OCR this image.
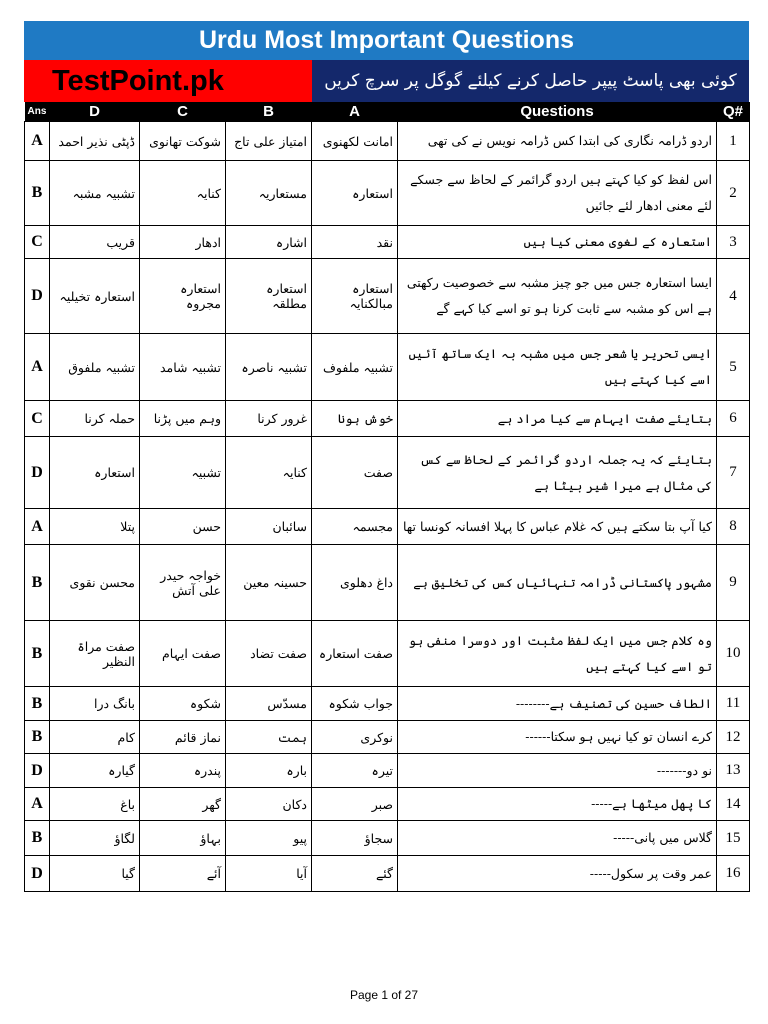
Urdu Most Important Questions
TestPoint.pk	کوئی بھی پاسٹ پیپر حاصل کرنے کیلئے گوگل پر سرچ کریں
Ans	D	C	B	A	Questions	Q#
A	ڈپٹی نذیر احمد	شوکت تھانوی	امتیاز علی تاج	امانت لکھنوی	اردو ڈرامہ نگاری کی ابتدا کس ڈرامہ نویس نے کی تھی	1
B	تشبیہ مشبہ	کنایہ	مستعاریہ	استعارہ	اس لفظ کو کیا کہتے ہیں اردو گرائمر کے لحاظ سے جسکے لئے معنی ادھار لئے جائیں	2
C	قریب	ادھار	اشارہ	نقد	استعارہ کے لغوی معنی کیا ہیں	3
D	استعارہ تخیلیہ	استعارہ مجروہ	استعارہ مطلقہ	استعارہ مبالکنایہ	ایسا استعارہ جس میں جو چیز مشبہ سے خصوصیت رکھتی ہے اس کو مشبہ سے ثابت کرنا ہو تو اسے کیا کہے گے	4
A	تشبیہ ملفوق	تشبیہ شامد	تشبیہ ناصرہ	تشبیہ ملفوف	ایسی تحریر یا شعر جس میں مشبہ بہ ایک ساتھ آئیں اسے کیا کہتے ہیں	5
C	حملہ کرنا	وہم میں پڑنا	غرور کرنا	خوش ہونا	بتایئے صفت ایہام سے کیا مراد ہے	6
D	استعارہ	تشبیہ	کنایہ	صفت	بتایئے کہ یہ جملہ اردو گرائمر کے لحاظ سے کس کی مثال ہے میرا شیر بیٹا ہے	7
A	پتلا	حسن	سائبان	مجسمہ	کیا آپ بتا سکتے ہیں کہ غلام عباس کا پہلا افسانہ کونسا تھا	8
B	محسن نقوی	خواجہ حیدر علی آتش	حسینہ معین	داغ دھلوی	مشہور پاکستانی ڈرامہ تنہائیاں کس کی تخلیق ہے	9
B	صفت مراۃ النظیر	صفت ایہام	صفت تضاد	صفت استعارہ	وہ کلام جس میں ایک لفظ مثبت اور دوسرا منفی ہو تو اسے کیا کہتے ہیں	10
B	بانگ درا	شکوہ	مسدّس	جواب شکوہ	الطاف حسین کی تصنیف ہے--------	11
B	کام	نماز قائم	ہمت	نوکری	کرے انسان تو کیا نہیں ہو سکتا------	12
D	گیارہ	پندرہ	بارہ	تیرہ	نو دو-------	13
A	باغ	گھر	دکان	صبر	کا پھل میٹھا ہے-----	14
B	لگاؤ	بہاؤ	پیو	سجاؤ	گلاس میں پانی-----	15
D	گیا	آئے	آیا	گئے	عمر وقت پر سکول-----	16
Page 1 of 27
